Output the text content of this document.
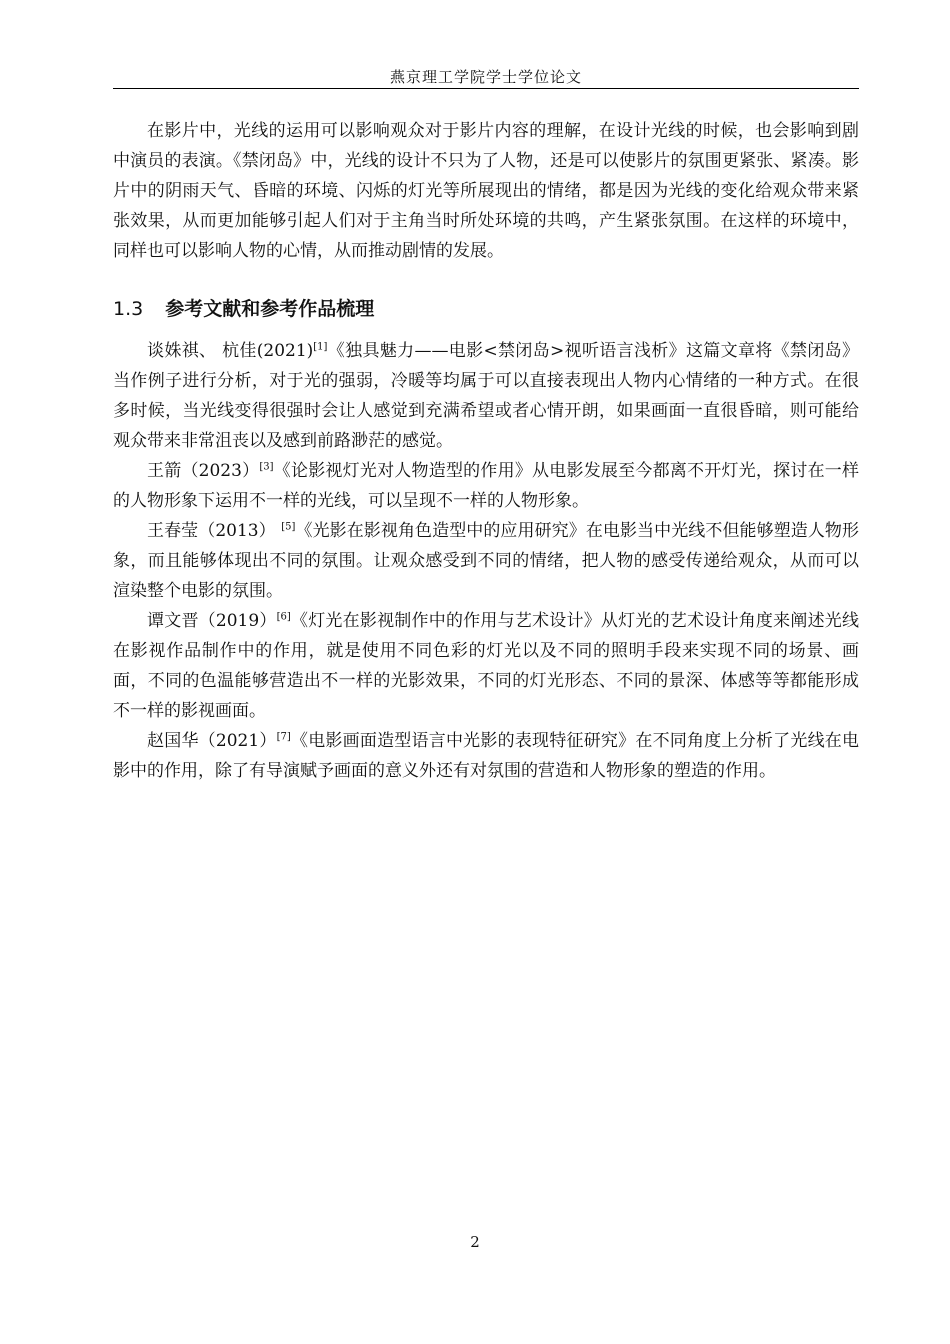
燕京理工学院学士学位论文

在影片中，光线的运用可以影响观众对于影片内容的理解，在设计光线的时候，也会影响到剧中演员的表演。《禁闭岛》中，光线的设计不只为了人物，还是可以使影片的氛围更紧张、紧凑。影片中的阴雨天气、昏暗的环境、闪烁的灯光等所展现出的情绪，都是因为光线的变化给观众带来紧张效果，从而更加能够引起人们对于主角当时所处环境的共鸣，产生紧张氛围。在这样的环境中，同样也可以影响人物的心情，从而推动剧情的发展。

1.3 参考文献和参考作品梳理

谈姝祺、 杭佳(2021)[1]《独具魅力——电影<禁闭岛>视听语言浅析》这篇文章将《禁闭岛》当作例子进行分析，对于光的强弱，冷暖等均属于可以直接表现出人物内心情绪的一种方式。在很多时候，当光线变得很强时会让人感觉到充满希望或者心情开朗，如果画面一直很昏暗，则可能给观众带来非常沮丧以及感到前路渺茫的感觉。

王箭（2023）[3]《论影视灯光对人物造型的作用》从电影发展至今都离不开灯光，探讨在一样的人物形象下运用不一样的光线，可以呈现不一样的人物形象。

王春莹（2013） [5]《光影在影视角色造型中的应用研究》在电影当中光线不但能够塑造人物形象，而且能够体现出不同的氛围。让观众感受到不同的情绪，把人物的感受传递给观众，从而可以渲染整个电影的氛围。

谭文晋（2019）[6]《灯光在影视制作中的作用与艺术设计》从灯光的艺术设计角度来阐述光线在影视作品制作中的作用，就是使用不同色彩的灯光以及不同的照明手段来实现不同的场景、画面，不同的色温能够营造出不一样的光影效果，不同的灯光形态、不同的景深、体感等等都能形成不一样的影视画面。

赵国华（2021）[7]《电影画面造型语言中光影的表现特征研究》在不同角度上分析了光线在电影中的作用，除了有导演赋予画面的意义外还有对氛围的营造和人物形象的塑造的作用。

2
